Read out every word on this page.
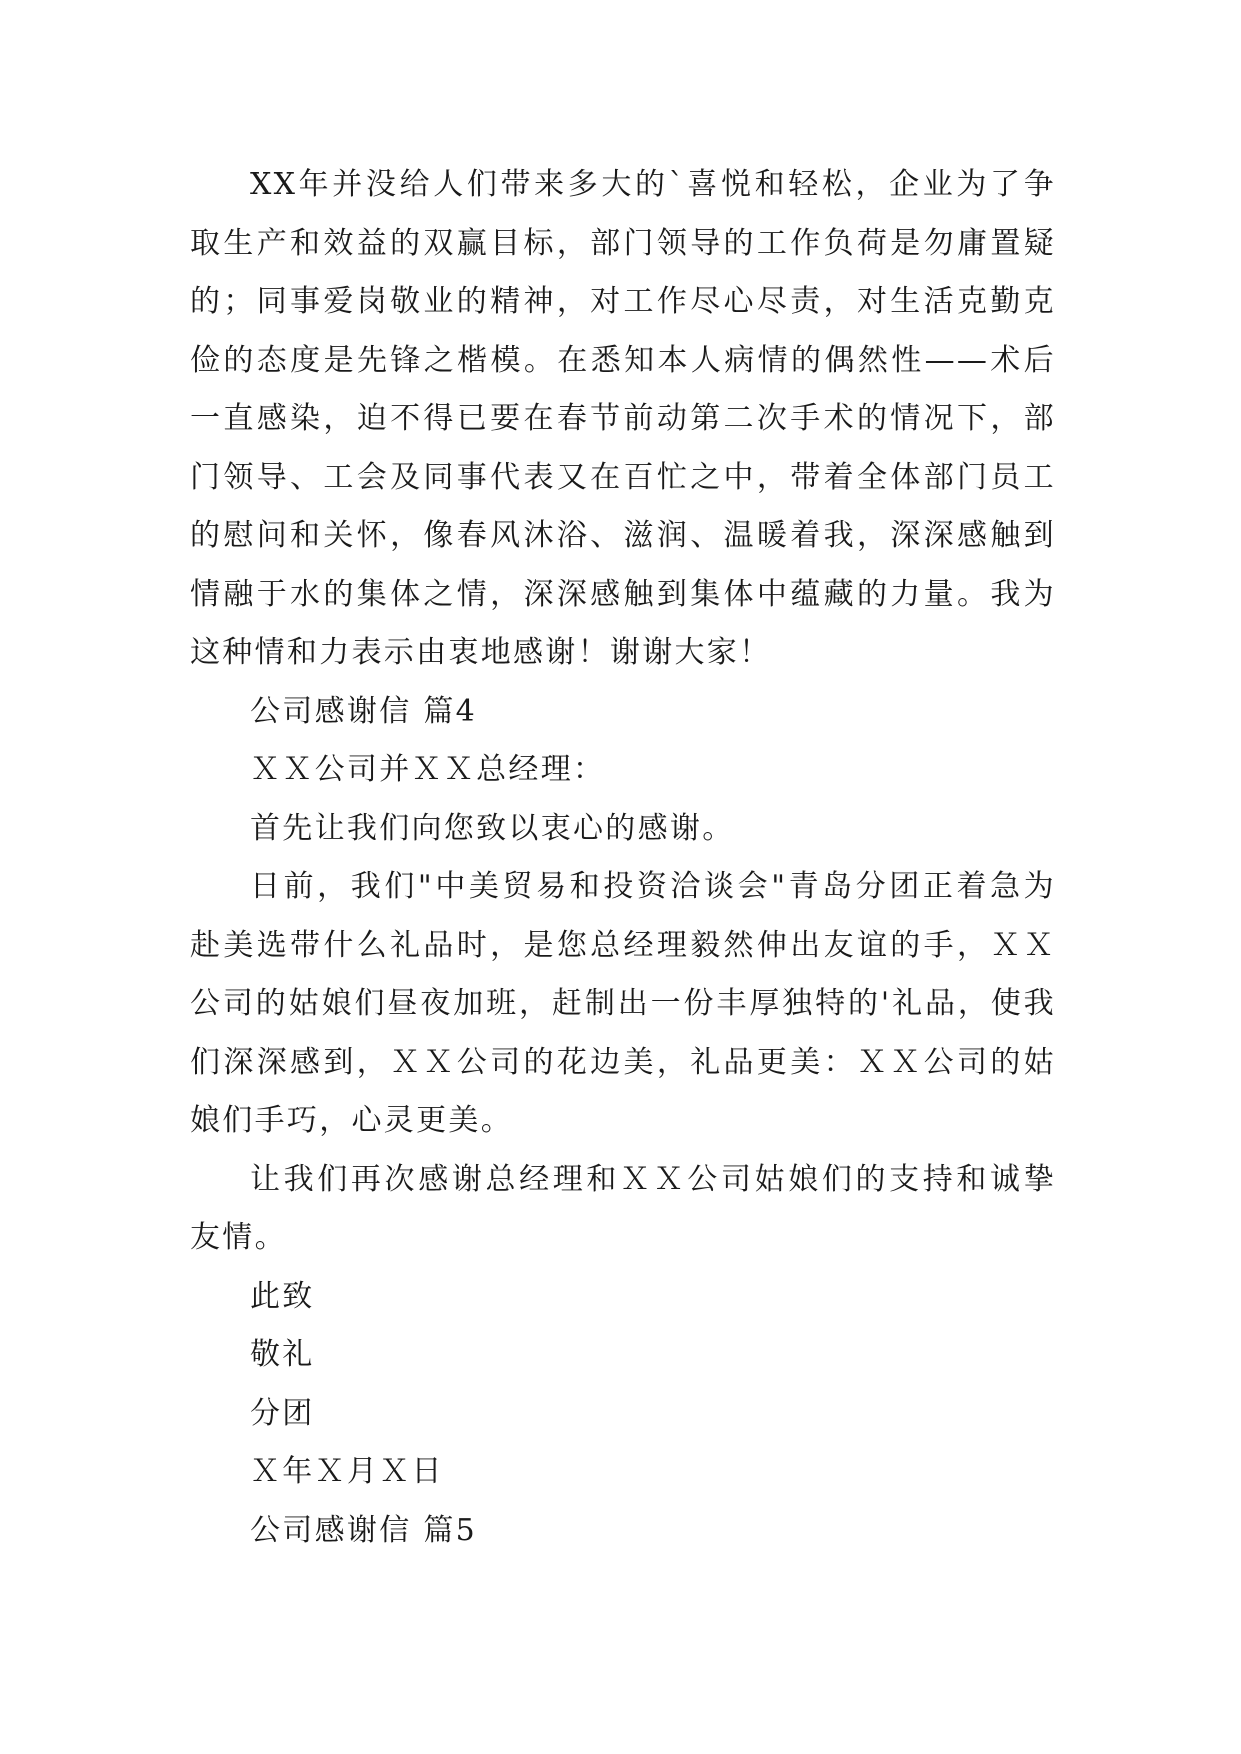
XX年并没给人们带来多大的`喜悦和轻松，企业为了争取生产和效益的双赢目标，部门领导的工作负荷是勿庸置疑的；同事爱岗敬业的精神，对工作尽心尽责，对生活克勤克俭的态度是先锋之楷模。在悉知本人病情的偶然性——术后一直感染，迫不得已要在春节前动第二次手术的情况下，部门领导、工会及同事代表又在百忙之中，带着全体部门员工的慰问和关怀，像春风沐浴、滋润、温暖着我，深深感触到情融于水的集体之情，深深感触到集体中蕴藏的力量。我为这种情和力表示由衷地感谢！谢谢大家！

公司感谢信 篇4

ＸＸ公司并ＸＸ总经理：

首先让我们向您致以衷心的感谢。

日前，我们"中美贸易和投资洽谈会"青岛分团正着急为赴美选带什么礼品时，是您总经理毅然伸出友谊的手，ＸＸ公司的姑娘们昼夜加班，赶制出一份丰厚独特的'礼品，使我们深深感到，ＸＸ公司的花边美，礼品更美：ＸＸ公司的姑娘们手巧，心灵更美。

让我们再次感谢总经理和ＸＸ公司姑娘们的支持和诚挚友情。

此致

敬礼

分团

Ｘ年Ｘ月Ｘ日

公司感谢信 篇5
